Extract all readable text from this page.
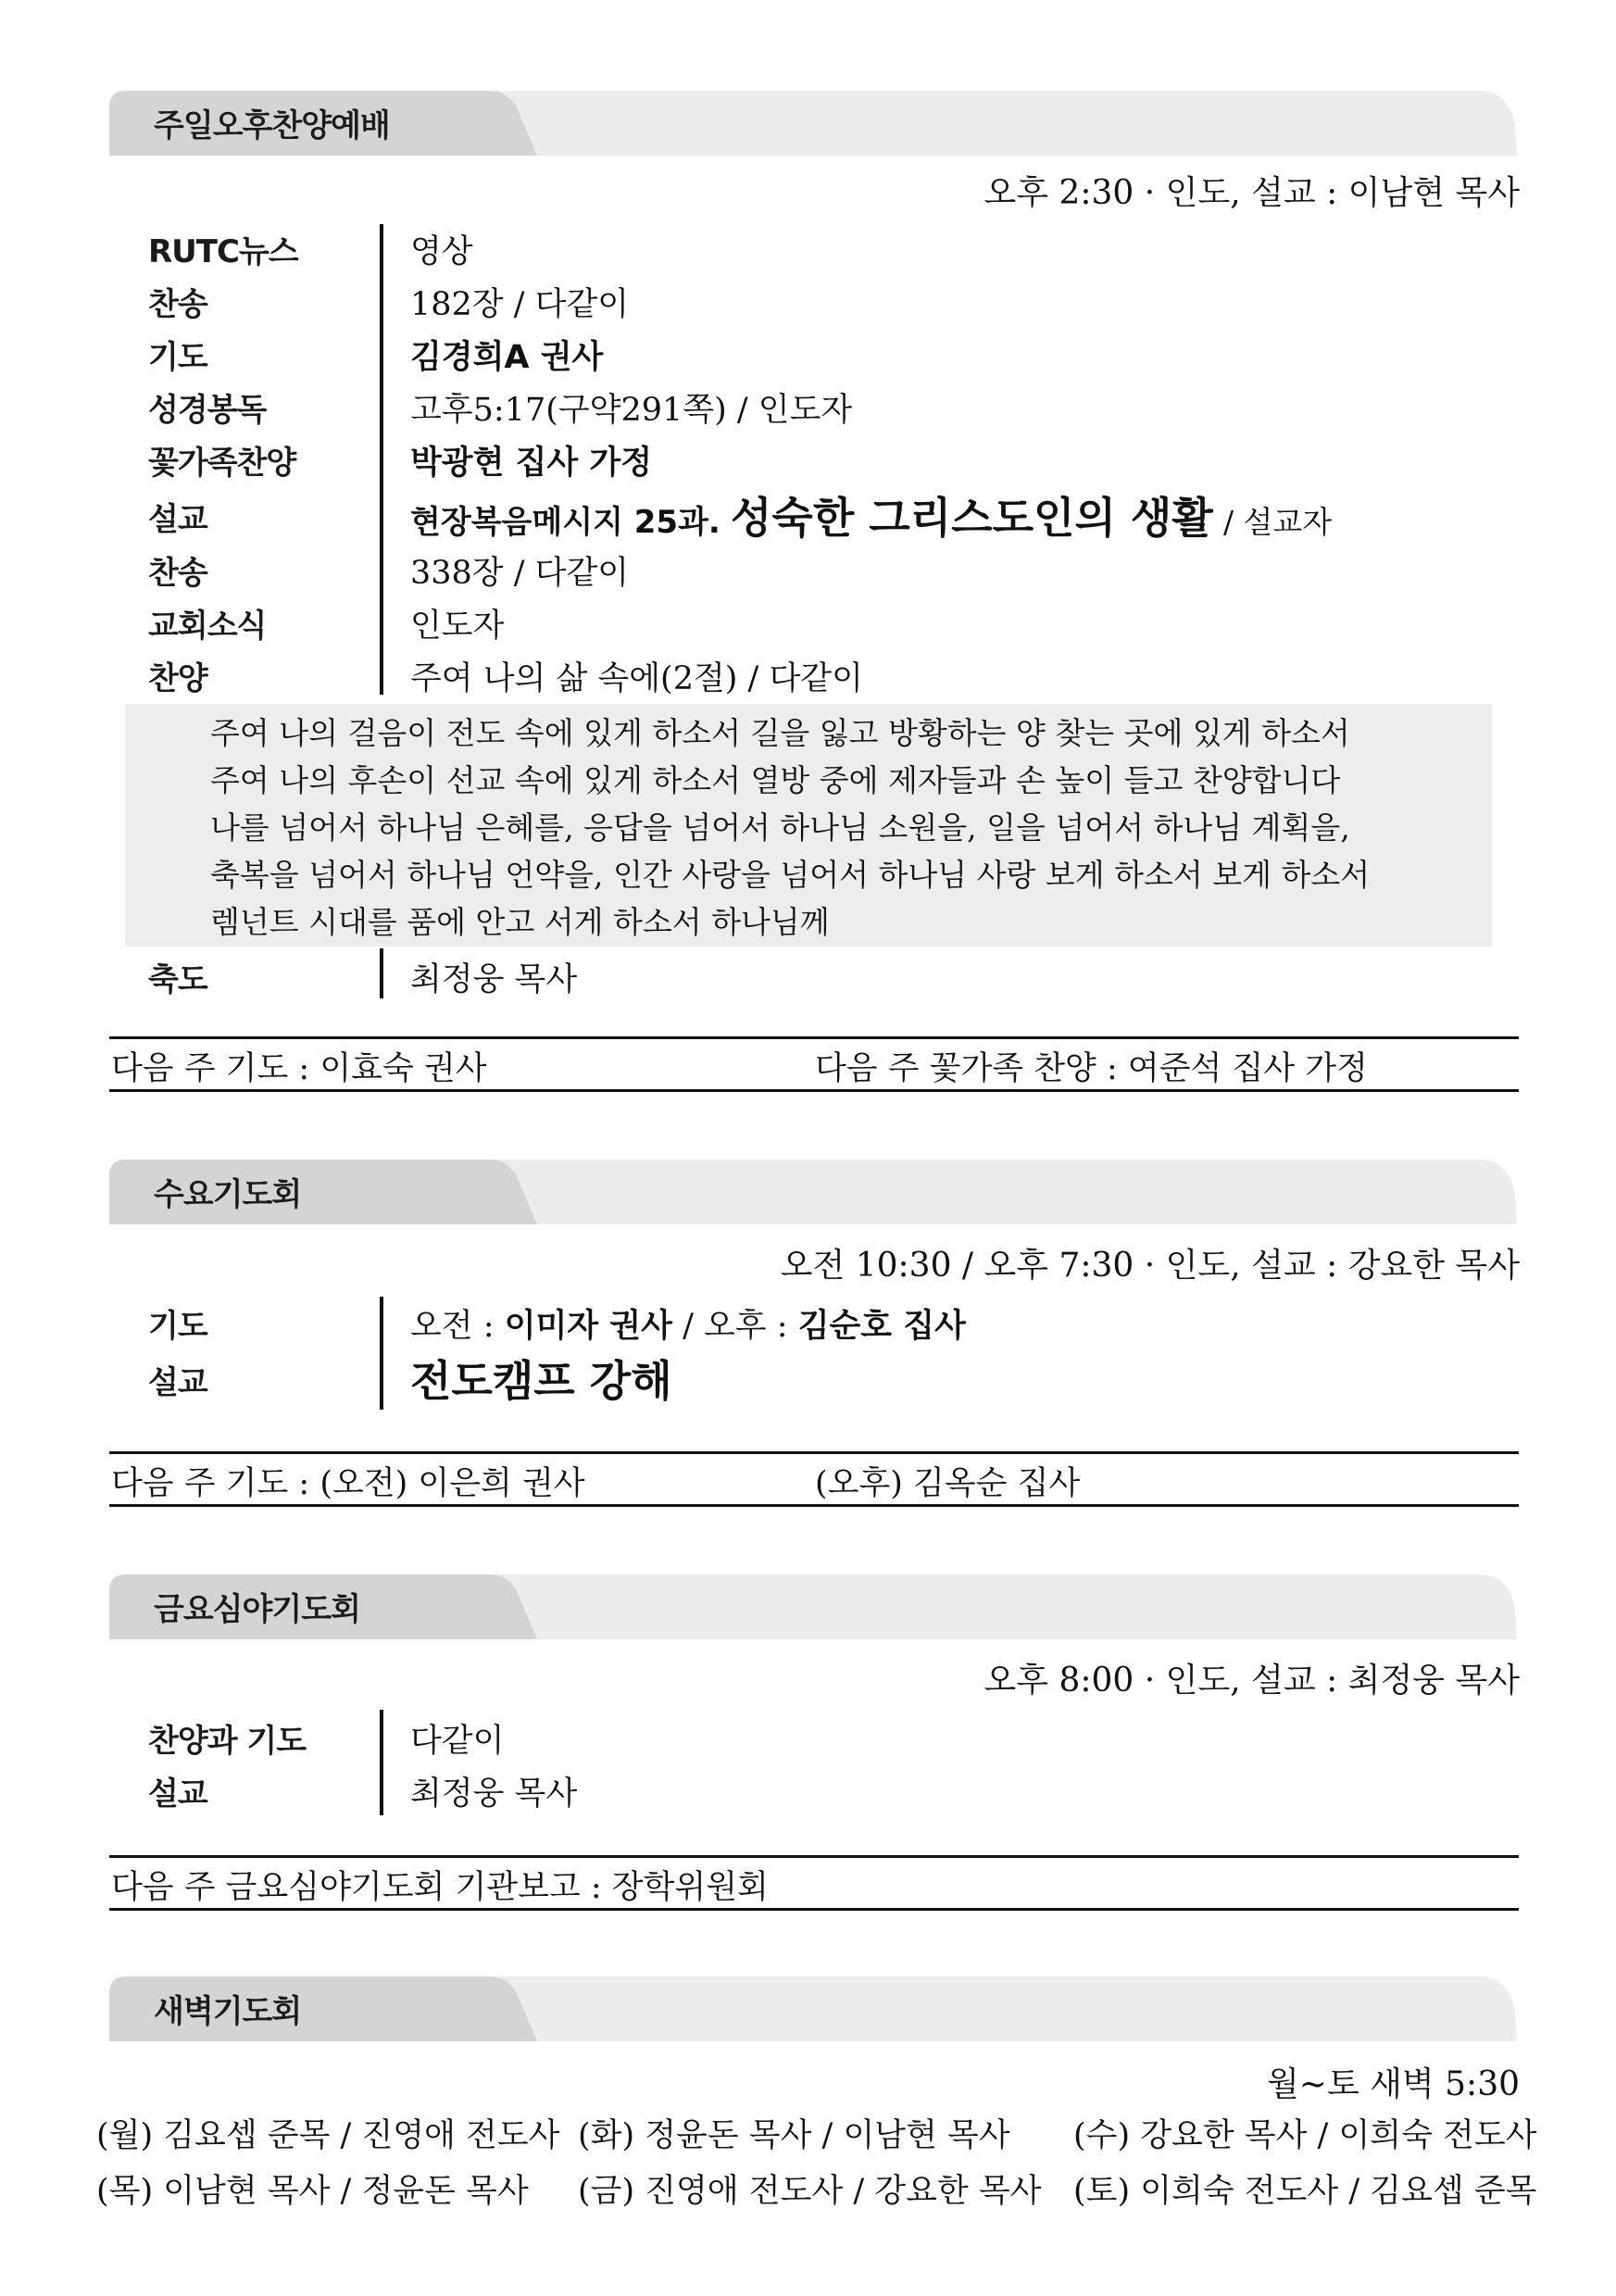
주일오후찬양예배
오후 2:30 · 인도, 설교 : 이남현 목사
RUTC뉴스	영상
찬송	182장 / 다같이
기도	김경희A 권사
성경봉독	고후5:17(구약291쪽) / 인도자
꽃가족찬양	박광현 집사 가정
설교	현장복음메시지 25과. 성숙한 그리스도인의 생활 / 설교자
찬송	338장 / 다같이
교회소식	인도자
찬양	주여 나의 삶 속에(2절) / 다같이
주여 나의 걸음이 전도 속에 있게 하소서 길을 잃고 방황하는 양 찾는 곳에 있게 하소서
주여 나의 후손이 선교 속에 있게 하소서 열방 중에 제자들과 손 높이 들고 찬양합니다
나를 넘어서 하나님 은혜를, 응답을 넘어서 하나님 소원을, 일을 넘어서 하나님 계획을,
축복을 넘어서 하나님 언약을, 인간 사랑을 넘어서 하나님 사랑 보게 하소서 보게 하소서
렘넌트 시대를 품에 안고 서게 하소서 하나님께
축도	최정웅 목사
다음 주 기도 : 이효숙 권사	다음 주 꽃가족 찬양 : 여준석 집사 가정
수요기도회
오전 10:30 / 오후 7:30 · 인도, 설교 : 강요한 목사
기도	오전 : 이미자 권사 / 오후 : 김순호 집사
설교	전도캠프 강해
다음 주 기도 : (오전) 이은희 권사	(오후) 김옥순 집사
금요심야기도회
오후 8:00 · 인도, 설교 : 최정웅 목사
찬양과 기도	다같이
설교	최정웅 목사
다음 주 금요심야기도회 기관보고 : 장학위원회
새벽기도회
월~토 새벽 5:30
(월) 김요셉 준목 / 진영애 전도사 (화) 정윤돈 목사 / 이남현 목사 (수) 강요한 목사 / 이희숙 전도사
(목) 이남현 목사 / 정윤돈 목사 (금) 진영애 전도사 / 강요한 목사 (토) 이희숙 전도사 / 김요셉 준목
